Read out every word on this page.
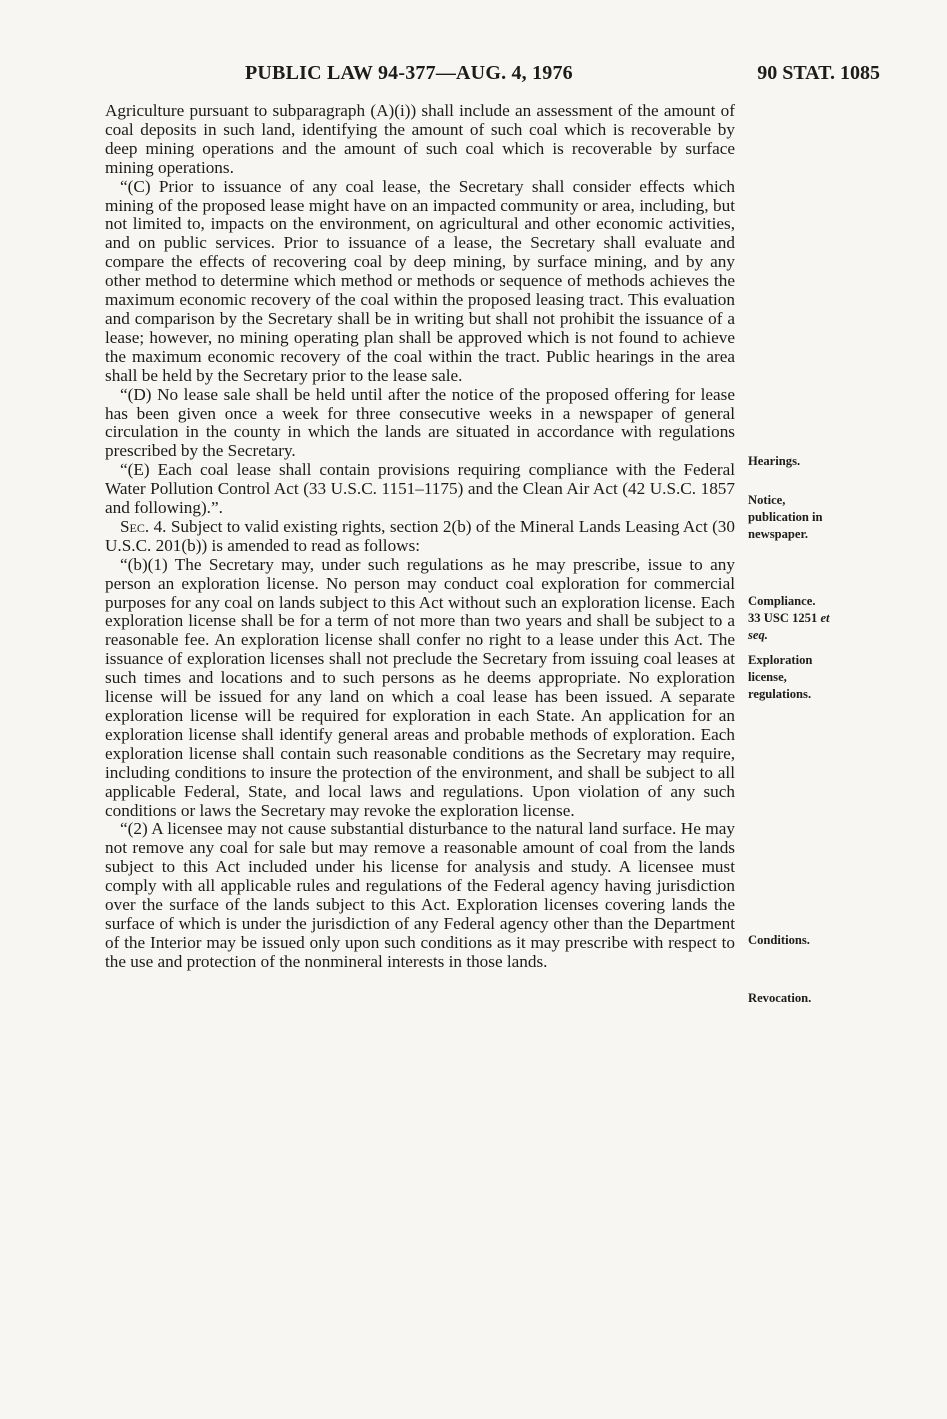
PUBLIC LAW 94-377—AUG. 4, 1976	90 STAT. 1085

Agriculture pursuant to subparagraph (A)(i)) shall include an assessment of the amount of coal deposits in such land, identifying the amount of such coal which is recoverable by deep mining operations and the amount of such coal which is recoverable by surface mining operations.

“(C) Prior to issuance of any coal lease, the Secretary shall consider effects which mining of the proposed lease might have on an impacted community or area, including, but not limited to, impacts on the environment, on agricultural and other economic activities, and on public services. Prior to issuance of a lease, the Secretary shall evaluate and compare the effects of recovering coal by deep mining, by surface mining, and by any other method to determine which method or methods or sequence of methods achieves the maximum economic recovery of the coal within the proposed leasing tract. This evaluation and comparison by the Secretary shall be in writing but shall not prohibit the issuance of a lease; however, no mining operating plan shall be approved which is not found to achieve the maximum economic recovery of the coal within the tract. Public hearings in the area shall be held by the Secretary prior to the lease sale.

“(D) No lease sale shall be held until after the notice of the proposed offering for lease has been given once a week for three consecutive weeks in a newspaper of general circulation in the county in which the lands are situated in accordance with regulations prescribed by the Secretary.

“(E) Each coal lease shall contain provisions requiring compliance with the Federal Water Pollution Control Act (33 U.S.C. 1151–1175) and the Clean Air Act (42 U.S.C. 1857 and following).”.

Sec. 4. Subject to valid existing rights, section 2(b) of the Mineral Lands Leasing Act (30 U.S.C. 201(b)) is amended to read as follows:

“(b)(1) The Secretary may, under such regulations as he may prescribe, issue to any person an exploration license. No person may conduct coal exploration for commercial purposes for any coal on lands subject to this Act without such an exploration license. Each exploration license shall be for a term of not more than two years and shall be subject to a reasonable fee. An exploration license shall confer no right to a lease under this Act. The issuance of exploration licenses shall not preclude the Secretary from issuing coal leases at such times and locations and to such persons as he deems appropriate. No exploration license will be issued for any land on which a coal lease has been issued. A separate exploration license will be required for exploration in each State. An application for an exploration license shall identify general areas and probable methods of exploration. Each exploration license shall contain such reasonable conditions as the Secretary may require, including conditions to insure the protection of the environment, and shall be subject to all applicable Federal, State, and local laws and regulations. Upon violation of any such conditions or laws the Secretary may revoke the exploration license.

“(2) A licensee may not cause substantial disturbance to the natural land surface. He may not remove any coal for sale but may remove a reasonable amount of coal from the lands subject to this Act included under his license for analysis and study. A licensee must comply with all applicable rules and regulations of the Federal agency having jurisdiction over the surface of the lands subject to this Act. Exploration licenses covering lands the surface of which is under the jurisdiction of any Federal agency other than the Department of the Interior may be issued only upon such conditions as it may prescribe with respect to the use and protection of the nonmineral interests in those lands.

Hearings.
Notice,
publication in
newspaper.
Compliance.
33 USC 1251 et
seq.
Exploration
license,
regulations.
Conditions.
Revocation.
